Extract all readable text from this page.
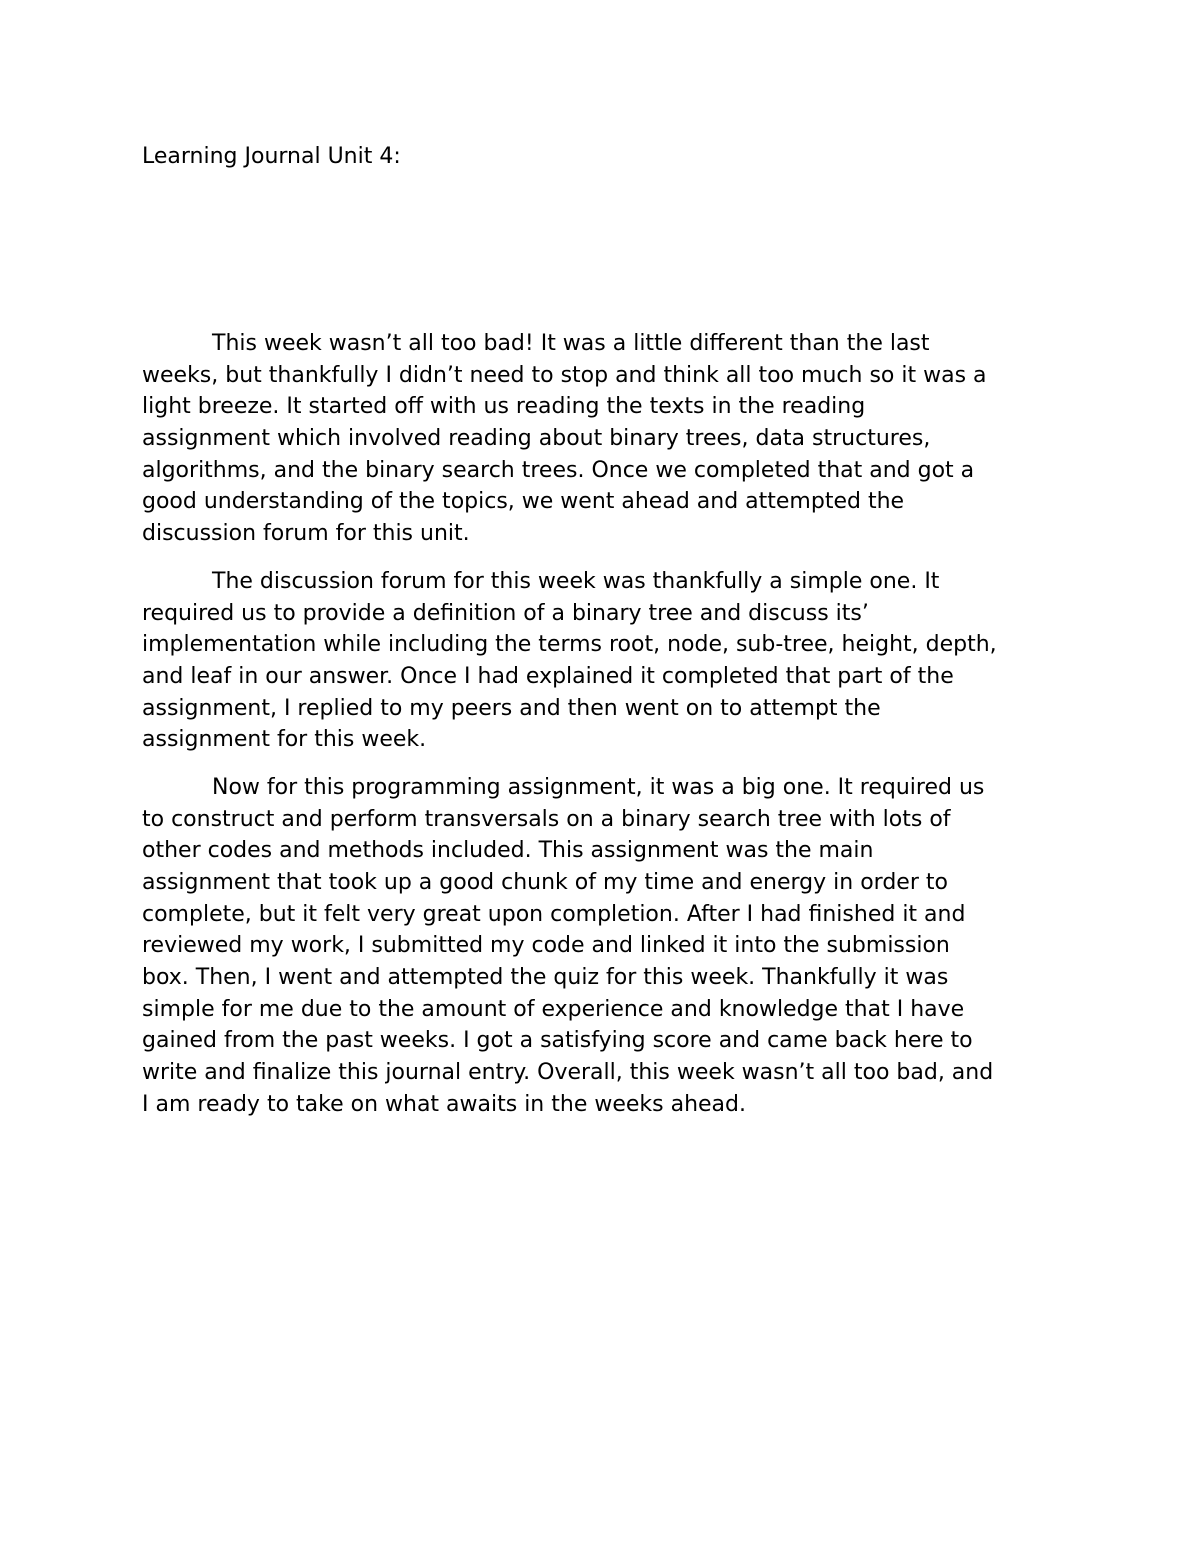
Learning Journal Unit 4:

This week wasn’t all too bad! It was a little different than the last
weeks, but thankfully I didn’t need to stop and think all too much so it was a
light breeze. It started off with us reading the texts in the reading
assignment which involved reading about binary trees, data structures,
algorithms, and the binary search trees. Once we completed that and got a
good understanding of the topics, we went ahead and attempted the
discussion forum for this unit.

The discussion forum for this week was thankfully a simple one. It
required us to provide a definition of a binary tree and discuss its’
implementation while including the terms root, node, sub-tree, height, depth,
and leaf in our answer. Once I had explained it completed that part of the
assignment, I replied to my peers and then went on to attempt the
assignment for this week.

Now for this programming assignment, it was a big one. It required us
to construct and perform transversals on a binary search tree with lots of
other codes and methods included. This assignment was the main
assignment that took up a good chunk of my time and energy in order to
complete, but it felt very great upon completion. After I had finished it and
reviewed my work, I submitted my code and linked it into the submission
box. Then, I went and attempted the quiz for this week. Thankfully it was
simple for me due to the amount of experience and knowledge that I have
gained from the past weeks. I got a satisfying score and came back here to
write and finalize this journal entry. Overall, this week wasn’t all too bad, and
I am ready to take on what awaits in the weeks ahead.
